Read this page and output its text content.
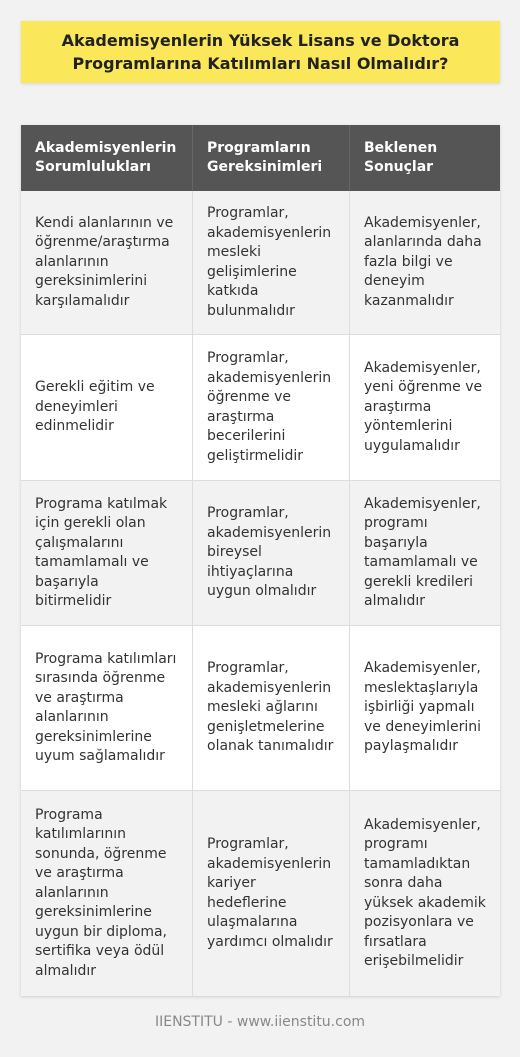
Akademisyenlerin Yüksek Lisans ve Doktora Programlarına Katılımları Nasıl Olmalıdır?
Akademisyenlerin Sorumlulukları
Programların Gereksinimleri
Beklenen Sonuçlar
Kendi alanlarının ve öğrenme/araştırma alanlarının gereksinimlerini karşılamalıdır
Programlar, akademisyenlerin mesleki gelişimlerine katkıda bulunmalıdır
Akademisyenler, alanlarında daha fazla bilgi ve deneyim kazanmalıdır
Gerekli eğitim ve deneyimleri edinmelidir
Programlar, akademisyenlerin öğrenme ve araştırma becerilerini geliştirmelidir
Akademisyenler, yeni öğrenme ve araştırma yöntemlerini uygulamalıdır
Programa katılmak için gerekli olan çalışmalarını tamamlamalı ve başarıyla bitirmelidir
Programlar, akademisyenlerin bireysel ihtiyaçlarına uygun olmalıdır
Akademisyenler, programı başarıyla tamamlamalı ve gerekli kredileri almalıdır
Programa katılımları sırasında öğrenme ve araştırma alanlarının gereksinimlerine uyum sağlamalıdır
Programlar, akademisyenlerin mesleki ağlarını genişletmelerine olanak tanımalıdır
Akademisyenler, meslektaşlarıyla işbirliği yapmalı ve deneyimlerini paylaşmalıdır
Programa katılımlarının sonunda, öğrenme ve araştırma alanlarının gereksinimlerine uygun bir diploma, sertifika veya ödül almalıdır
Programlar, akademisyenlerin kariyer hedeflerine ulaşmalarına yardımcı olmalıdır
Akademisyenler, programı tamamladıktan sonra daha yüksek akademik pozisyonlara ve fırsatlara erişebilmelidir
IIENSTITU - www.iienstitu.com
